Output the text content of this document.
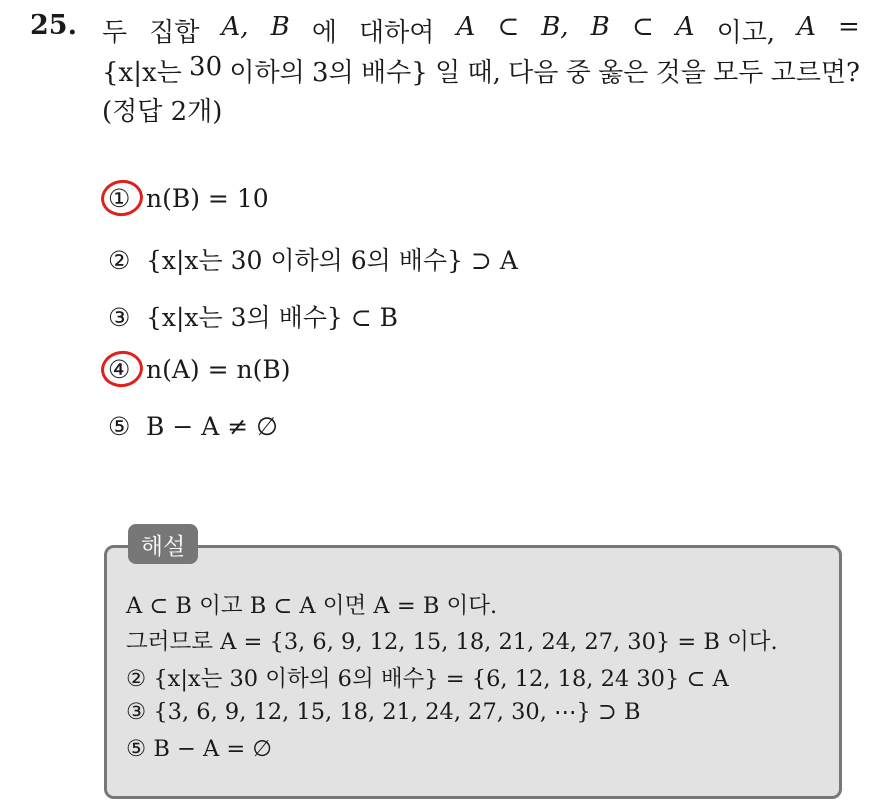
25. 두 집합 A, B 에 대하여 A ⊂ B, B ⊂ A 이고, A =
{x|x는 30 이하의 3의 배수} 일 때, 다음 중 옳은 것을 모두 고르면?
(정답 2개)
① n(B) = 10
② {x|x는 30 이하의 6의 배수} ⊃ A
③ {x|x는 3의 배수} ⊂ B
④ n(A) = n(B)
⑤ B − A ≠ ∅
해설
A ⊂ B 이고 B ⊂ A 이면 A = B 이다.
그러므로 A = {3, 6, 9, 12, 15, 18, 21, 24, 27, 30} = B 이다.
② {x|x는 30 이하의 6의 배수} = {6, 12, 18, 24 30} ⊂ A
③ {3, 6, 9, 12, 15, 18, 21, 24, 27, 30, ⋯} ⊃ B
⑤ B − A = ∅
